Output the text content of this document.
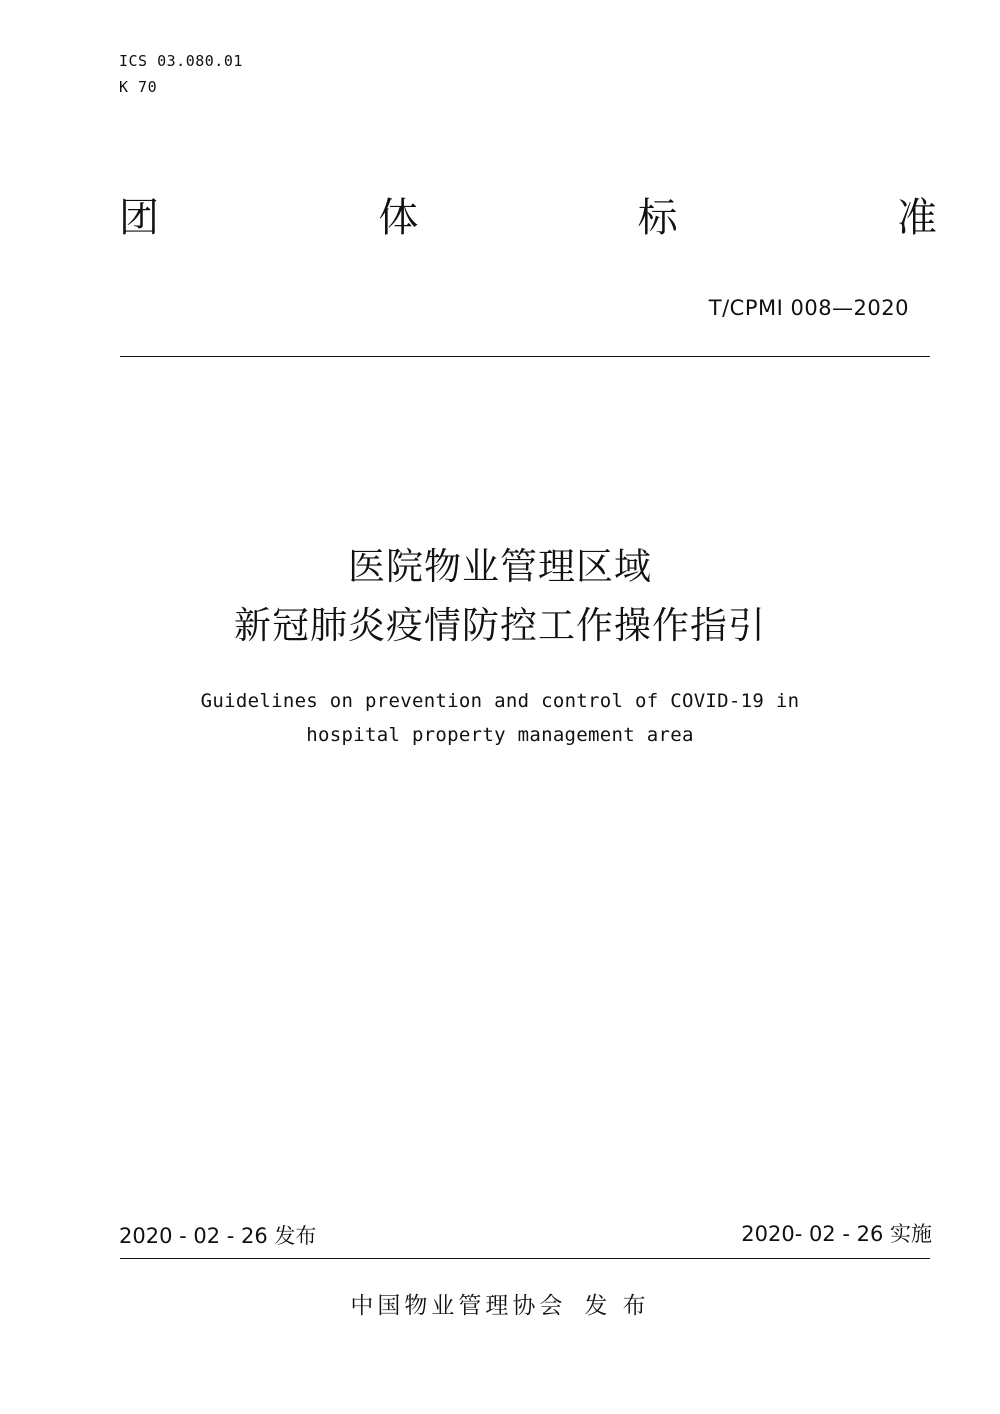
ICS 03.080.01
K 70
团	体	标	准
T/CPMI 008—2020
医院物业管理区域
新冠肺炎疫情防控工作操作指引
Guidelines on prevention and control of COVID-19 in
hospital property management area
2020 - 02 - 26 发布	2020- 02 - 26 实施
中国物业管理协会 发 布
